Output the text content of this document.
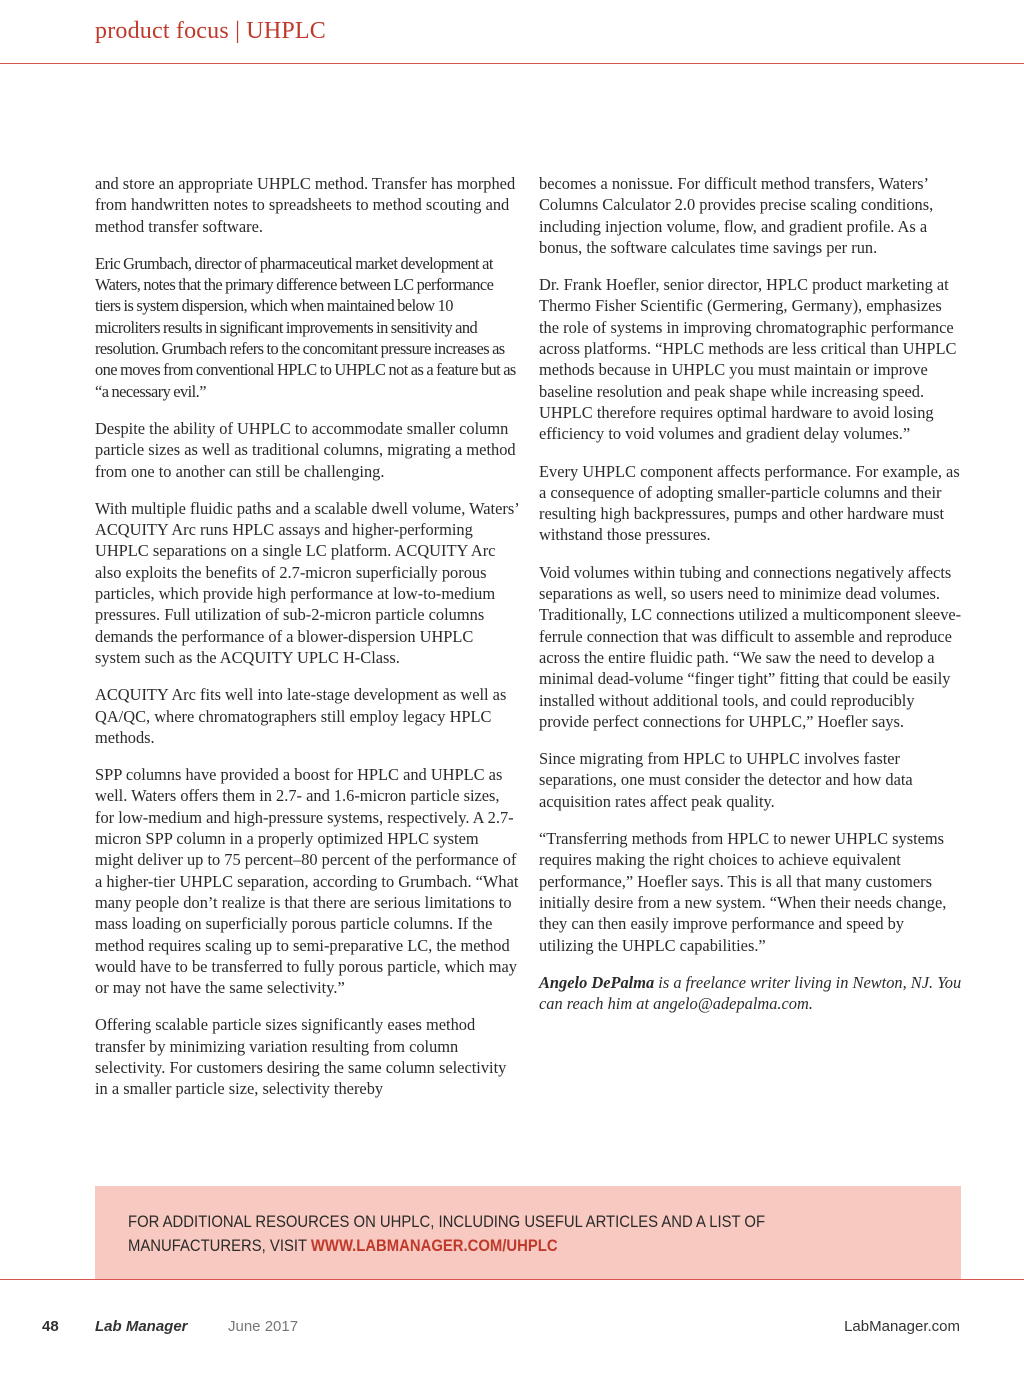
product focus | UHPLC

and store an appropriate UHPLC method. Transfer has morphed from handwritten notes to spreadsheets to method scouting and method transfer software.

Eric Grumbach, director of pharmaceutical market development at Waters, notes that the primary difference between LC performance tiers is system dispersion, which when maintained below 10 microliters results in significant improvements in sensitivity and resolution. Grumbach refers to the concomitant pressure increases as one moves from conventional HPLC to UHPLC not as a feature but as “a necessary evil.”

Despite the ability of UHPLC to accommodate smaller column particle sizes as well as traditional columns, migrating a method from one to another can still be challenging.

With multiple fluidic paths and a scalable dwell volume, Waters’ ACQUITY Arc runs HPLC assays and higher-performing UHPLC separations on a single LC platform. ACQUITY Arc also exploits the benefits of 2.7-micron superficially porous particles, which provide high performance at low-to-medium pressures. Full utilization of sub-2-micron particle columns demands the performance of a blower-dispersion UHPLC system such as the ACQUITY UPLC H-Class.

ACQUITY Arc fits well into late-stage development as well as QA/QC, where chromatographers still employ legacy HPLC methods.

SPP columns have provided a boost for HPLC and UHPLC as well. Waters offers them in 2.7- and 1.6-micron particle sizes, for low-medium and high-pressure systems, respectively. A 2.7-micron SPP column in a properly optimized HPLC system might deliver up to 75 percent–80 percent of the performance of a higher-tier UHPLC separation, according to Grumbach. “What many people don’t realize is that there are serious limitations to mass loading on superficially porous particle columns. If the method requires scaling up to semi-preparative LC, the method would have to be transferred to fully porous particle, which may or may not have the same selectivity.”

Offering scalable particle sizes significantly eases method transfer by minimizing variation resulting from column selectivity. For customers desiring the same column selectivity in a smaller particle size, selectivity thereby

becomes a nonissue. For difficult method transfers, Waters’ Columns Calculator 2.0 provides precise scaling conditions, including injection volume, flow, and gradient profile. As a bonus, the software calculates time savings per run.

Dr. Frank Hoefler, senior director, HPLC product marketing at Thermo Fisher Scientific (Germering, Germany), emphasizes the role of systems in improving chromatographic performance across platforms. “HPLC methods are less critical than UHPLC methods because in UHPLC you must maintain or improve baseline resolution and peak shape while increasing speed. UHPLC therefore requires optimal hardware to avoid losing efficiency to void volumes and gradient delay volumes.”

Every UHPLC component affects performance. For example, as a consequence of adopting smaller-particle columns and their resulting high backpressures, pumps and other hardware must withstand those pressures.

Void volumes within tubing and connections negatively affects separations as well, so users need to minimize dead volumes. Traditionally, LC connections utilized a multicomponent sleeve-ferrule connection that was difficult to assemble and reproduce across the entire fluidic path. “We saw the need to develop a minimal dead-volume “finger tight” fitting that could be easily installed without additional tools, and could reproducibly provide perfect connections for UHPLC,” Hoefler says.

Since migrating from HPLC to UHPLC involves faster separations, one must consider the detector and how data acquisition rates affect peak quality.

“Transferring methods from HPLC to newer UHPLC systems requires making the right choices to achieve equivalent performance,” Hoefler says. This is all that many customers initially desire from a new system. “When their needs change, they can then easily improve performance and speed by utilizing the UHPLC capabilities.”

Angelo DePalma is a freelance writer living in Newton, NJ. You can reach him at angelo@adepalma.com.

FOR ADDITIONAL RESOURCES ON UHPLC, INCLUDING USEFUL ARTICLES AND A LIST OF MANUFACTURERS, VISIT WWW.LABMANAGER.COM/UHPLC
48 Lab Manager	June 2017	LabManager.com
